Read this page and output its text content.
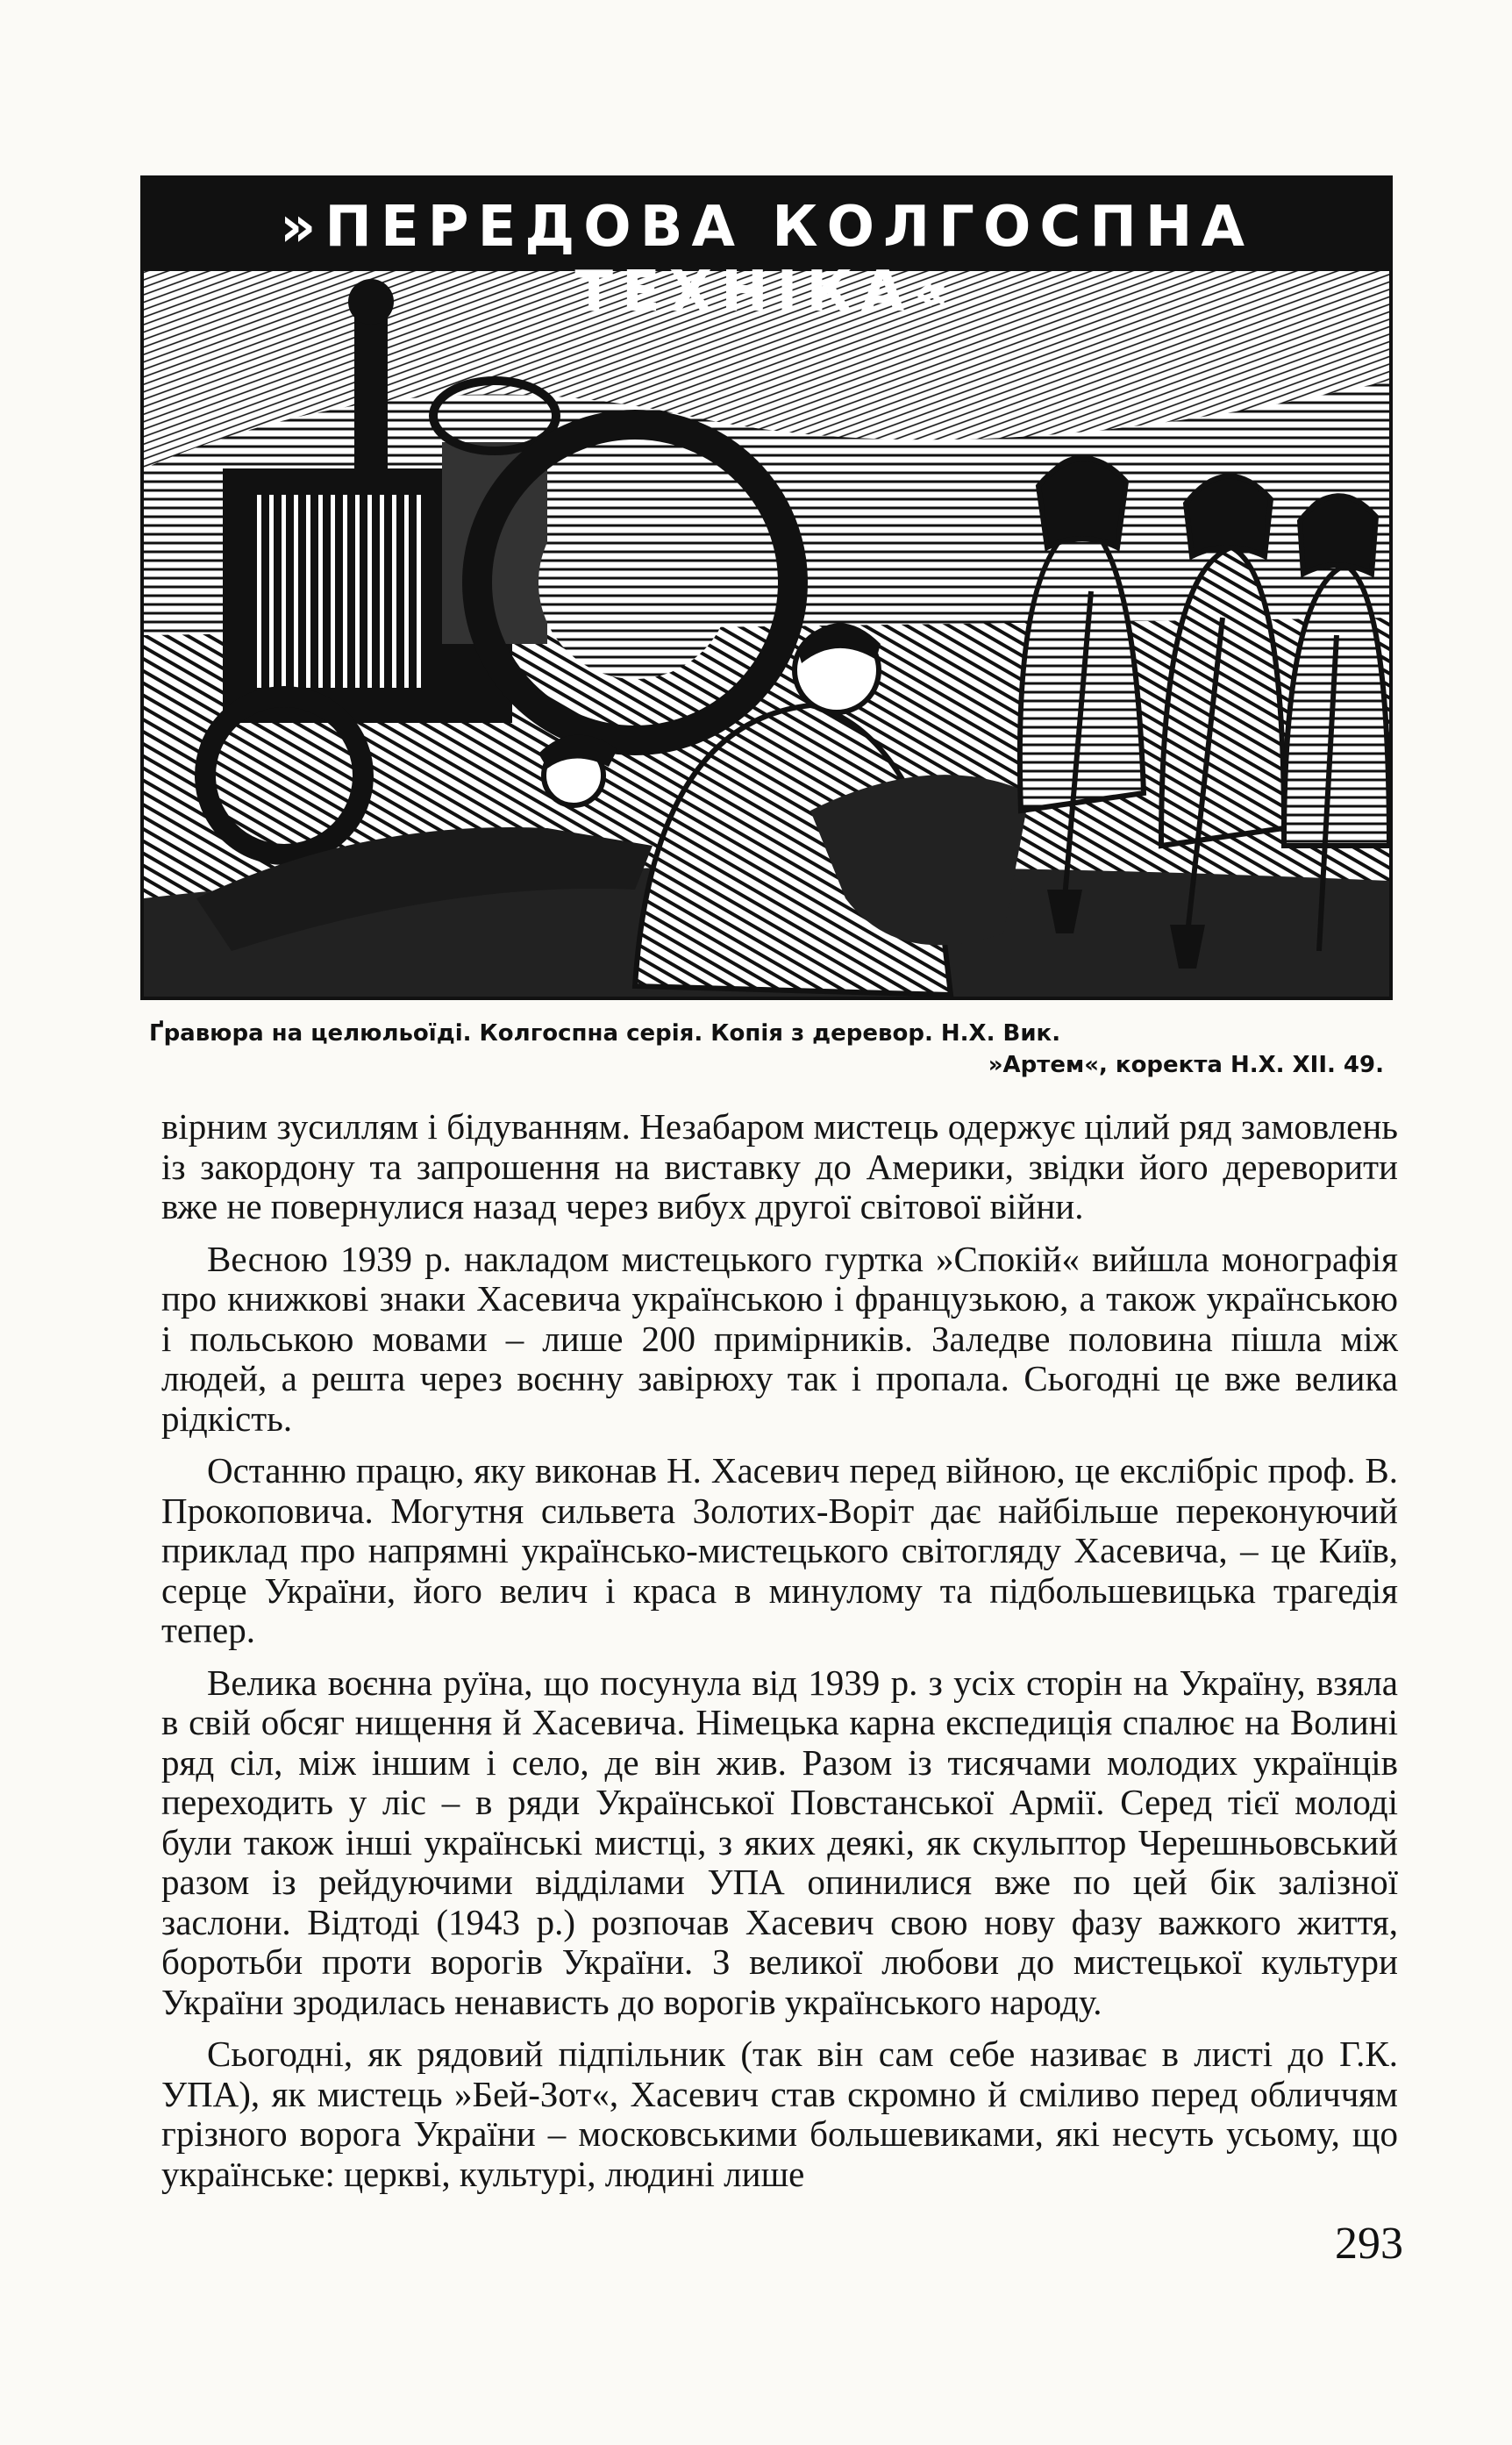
»ПЕРЕДОВА КОЛГОСПНА ТЕХНІКА«
Ґравюра на целюльоїді. Колгоспна серія. Копія з деревор. Н.Х. Вик.
»Артем«, коректа Н.Х. XII. 49.

вірним зусиллям і бідуванням. Незабаром мистець одержує цілий ряд замовлень із закордону та запрошення на виставку до Америки, звідки його дереворити вже не повернулися назад через вибух другої світової війни.

Весною 1939 р. накладом мистецького гуртка »Спокій« вийшла монографія про книжкові знаки Хасевича українською і французькою, а також українською і польською мовами – лише 200 примірників. Заледве половина пішла між людей, а решта через воєнну завірюху так і пропала. Сьогодні це вже велика рідкість.

Останню працю, яку виконав Н. Хасевич перед війною, це екслібріс проф. В. Прокоповича. Могутня сильвета Золотих-Воріт дає найбільше переконуючий приклад про напрямні українсько-мистецького світогляду Хасевича, – це Київ, серце України, його велич і краса в минулому та підбольшевицька трагедія тепер.

Велика воєнна руїна, що посунула від 1939 р. з усіх сторін на Україну, взяла в свій обсяг нищення й Хасевича. Німецька карна експедиція спалює на Волині ряд сіл, між іншим і село, де він жив. Разом із тисячами молодих українців переходить у ліс – в ряди Української Повстанської Армії. Серед тієї молоді були також інші українські мистці, з яких деякі, як скульптор Черешньовський разом із рейдуючими відділами УПА опинилися вже по цей бік залізної заслони. Відтоді (1943 р.) розпочав Хасевич свою нову фазу важкого життя, боротьби проти ворогів України. З великої любови до мистецької культури України зродилась ненависть до ворогів українського народу.

Сьогодні, як рядовий підпільник (так він сам себе називає в листі до Г.К. УПА), як мистець »Бей-Зот«, Хасевич став скромно й сміливо перед обличчям грізного ворога України – московськими большевиками, які несуть усьому, що українське: церкві, культурі, людині лише

293
